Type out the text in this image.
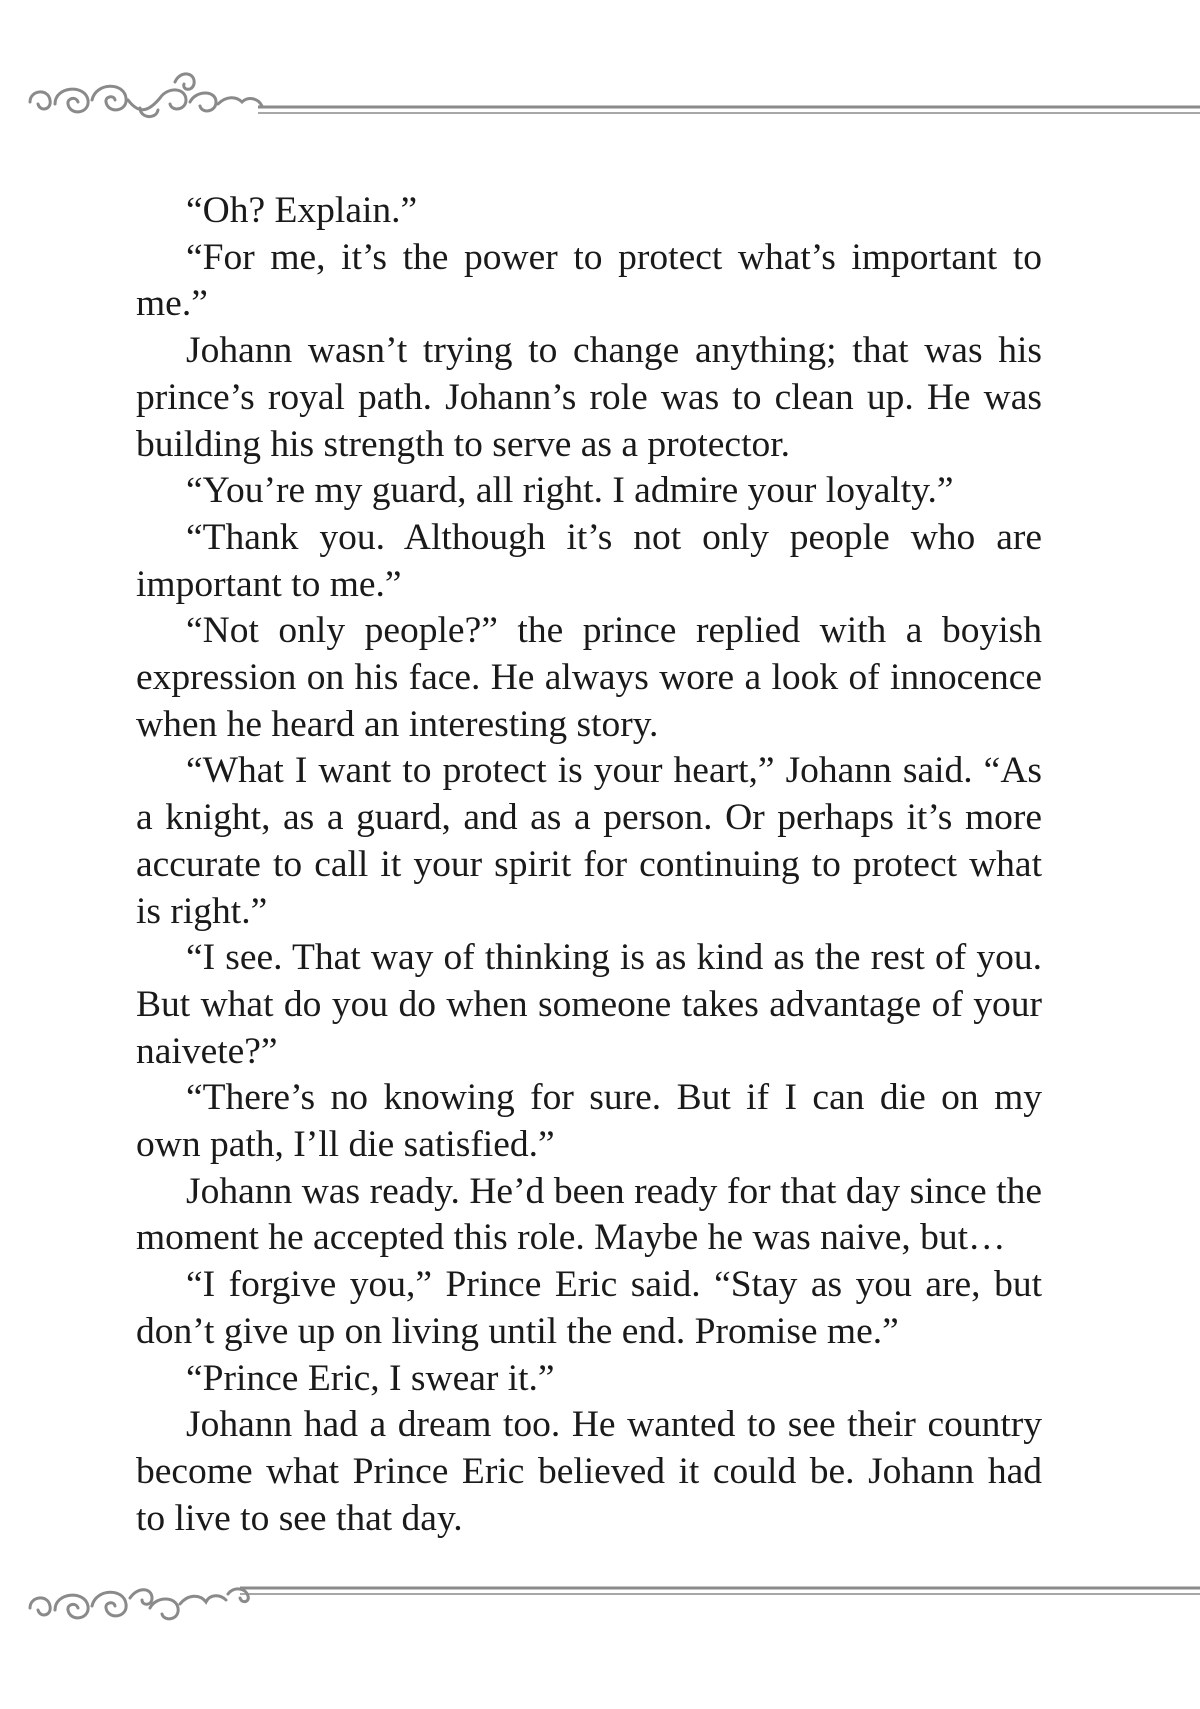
“Oh? Explain.”

“For me, it’s the power to protect what’s important to me.”

Johann wasn’t trying to change anything; that was his prince’s royal path. Johann’s role was to clean up. He was building his strength to serve as a protector.

“You’re my guard, all right. I admire your loyalty.”

“Thank you. Although it’s not only people who are important to me.”

“Not only people?” the prince replied with a boyish expression on his face. He always wore a look of innocence when he heard an interesting story.

“What I want to protect is your heart,” Johann said. “As a knight, as a guard, and as a person. Or perhaps it’s more accurate to call it your spirit for continuing to protect what is right.”

“I see. That way of thinking is as kind as the rest of you. But what do you do when someone takes advantage of your naivete?”

“There’s no knowing for sure. But if I can die on my own path, I’ll die satisfied.”

Johann was ready. He’d been ready for that day since the moment he accepted this role. Maybe he was naive, but…

“I forgive you,” Prince Eric said. “Stay as you are, but don’t give up on living until the end. Promise me.”

“Prince Eric, I swear it.”

Johann had a dream too. He wanted to see their country become what Prince Eric believed it could be. Johann had to live to see that day.
